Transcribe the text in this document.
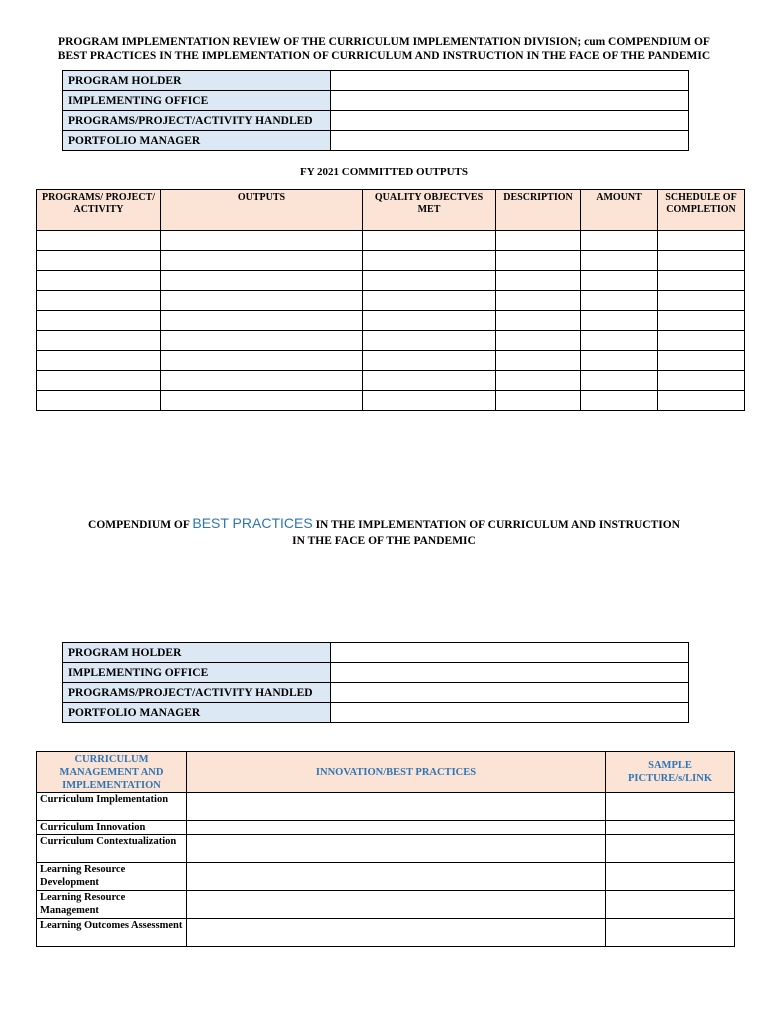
PROGRAM IMPLEMENTATION REVIEW OF THE CURRICULUM IMPLEMENTATION DIVISION; cum COMPENDIUM OF
BEST PRACTICES IN THE IMPLEMENTATION OF CURRICULUM AND INSTRUCTION IN THE FACE OF THE PANDEMIC
PROGRAM HOLDER	
IMPLEMENTING OFFICE	
PROGRAMS/PROJECT/ACTIVITY HANDLED	
PORTFOLIO MANAGER	
FY 2021 COMMITTED OUTPUTS
PROGRAMS/ PROJECT/ ACTIVITY	OUTPUTS	QUALITY OBJECTVES MET	DESCRIPTION	AMOUNT	SCHEDULE OF COMPLETION

COMPENDIUM OF BEST PRACTICES IN THE IMPLEMENTATION OF CURRICULUM AND INSTRUCTION
IN THE FACE OF THE PANDEMIC
PROGRAM HOLDER	
IMPLEMENTING OFFICE	
PROGRAMS/PROJECT/ACTIVITY HANDLED	
PORTFOLIO MANAGER	
CURRICULUM MANAGEMENT AND IMPLEMENTATION	INNOVATION/BEST PRACTICES	SAMPLE PICTURE/s/LINK
Curriculum Implementation		
Curriculum Innovation		
Curriculum Contextualization		
Learning Resource Development		
Learning Resource Management		
Learning Outcomes Assessment		
